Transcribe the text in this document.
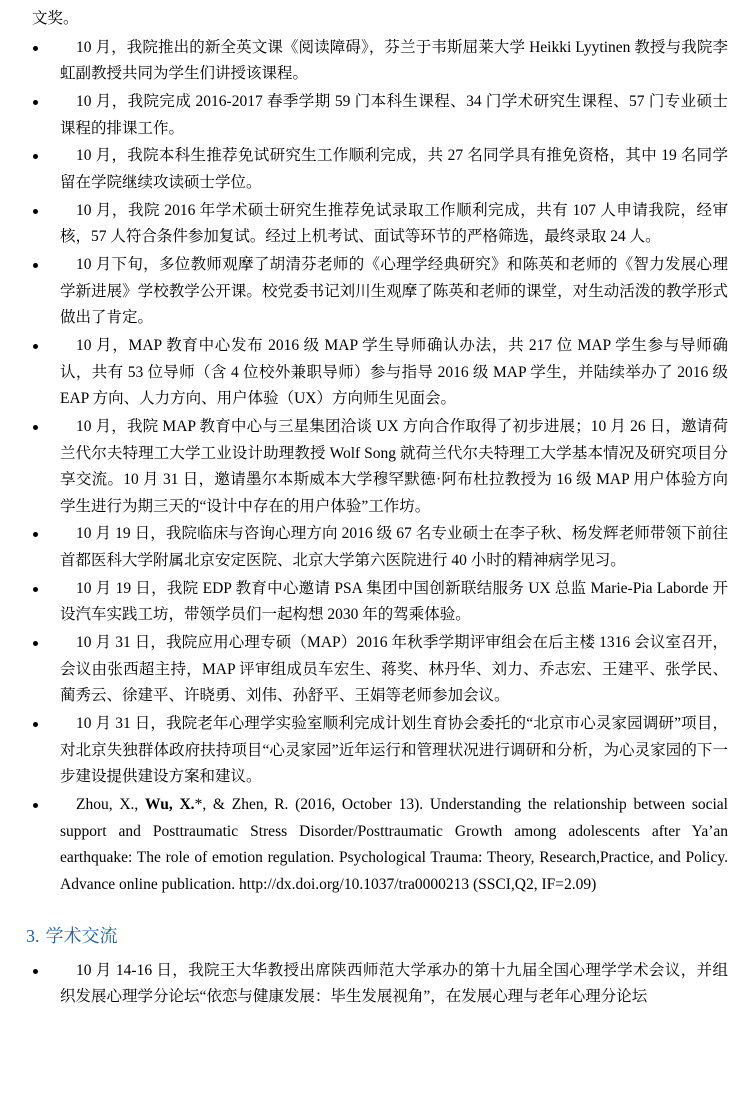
文奖。

10 月，我院推出的新全英文课《阅读障碍》，芬兰于韦斯屈莱大学 Heikki Lyytinen 教授与我院李虹副教授共同为学生们讲授该课程。
10 月，我院完成 2016-2017 春季学期 59 门本科生课程、34 门学术研究生课程、57 门专业硕士课程的排课工作。
10 月，我院本科生推荐免试研究生工作顺利完成，共 27 名同学具有推免资格，其中 19 名同学留在学院继续攻读硕士学位。
10 月，我院 2016 年学术硕士研究生推荐免试录取工作顺利完成，共有 107 人申请我院，经审核，57 人符合条件参加复试。经过上机考试、面试等环节的严格筛选，最终录取 24 人。
10 月下旬，多位教师观摩了胡清芬老师的《心理学经典研究》和陈英和老师的《智力发展心理学新进展》学校教学公开课。校党委书记刘川生观摩了陈英和老师的课堂，对生动活泼的教学形式做出了肯定。
10 月，MAP 教育中心发布 2016 级 MAP 学生导师确认办法，共 217 位 MAP 学生参与导师确认，共有 53 位导师（含 4 位校外兼职导师）参与指导 2016 级 MAP 学生，并陆续举办了 2016 级 EAP 方向、人力方向、用户体验（UX）方向师生见面会。
10 月，我院 MAP 教育中心与三星集团洽谈 UX 方向合作取得了初步进展；10 月 26 日，邀请荷兰代尔夫特理工大学工业设计助理教授 Wolf Song 就荷兰代尔夫特理工大学基本情况及研究项目分享交流。10 月 31 日，邀请墨尔本斯威本大学穆罕默德·阿布杜拉教授为 16 级 MAP 用户体验方向学生进行为期三天的“设计中存在的用户体验”工作坊。
10 月 19 日，我院临床与咨询心理方向 2016 级 67 名专业硕士在李子秋、杨发辉老师带领下前往首都医科大学附属北京安定医院、北京大学第六医院进行 40 小时的精神病学见习。
10 月 19 日，我院 EDP 教育中心邀请 PSA 集团中国创新联结服务 UX 总监 Marie-Pia Laborde 开设汽车实践工坊，带领学员们一起构想 2030 年的驾乘体验。
10 月 31 日，我院应用心理专硕（MAP）2016 年秋季学期评审组会在后主楼 1316 会议室召开，会议由张西超主持，MAP 评审组成员车宏生、蒋奖、林丹华、刘力、乔志宏、王建平、张学民、蔺秀云、徐建平、许晓勇、刘伟、孙舒平、王娟等老师参加会议。
10 月 31 日，我院老年心理学实验室顺利完成计划生育协会委托的“北京市心灵家园调研”项目，对北京失独群体政府扶持项目“心灵家园”近年运行和管理状况进行调研和分析，为心灵家园的下一步建设提供建设方案和建议。
Zhou, X., Wu, X.*, & Zhen, R. (2016, October 13). Understanding the relationship between social support and Posttraumatic Stress Disorder/Posttraumatic Growth among adolescents after Ya’an earthquake: The role of emotion regulation. Psychological Trauma: Theory, Research,Practice, and Policy. Advance online publication. http://dx.doi.org/10.1037/tra0000213 (SSCI,Q2, IF=2.09)
3. 学术交流
10 月 14-16 日，我院王大华教授出席陕西师范大学承办的第十九届全国心理学学术会议，并组织发展心理学分论坛“依恋与健康发展：毕生发展视角”，在发展心理与老年心理分论坛
